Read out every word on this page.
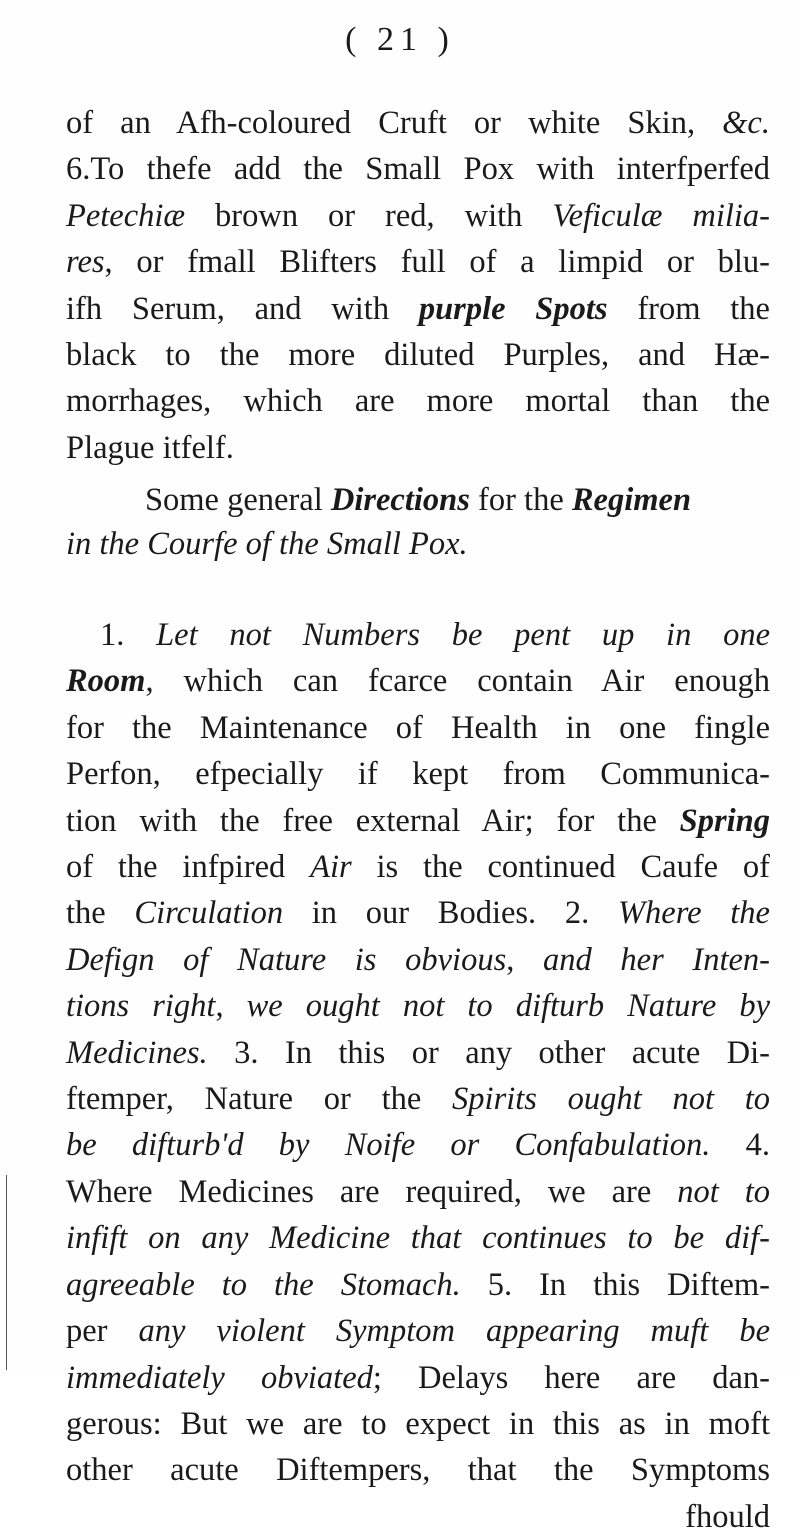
( 21 )
of an Afh-coloured Cruft or white Skin, &c.
6.To thefe add the Small Pox with interfperfed
Petechiæ brown or red, with Veficulæ milia-
res, or fmall Blifters full of a limpid or blu-
ifh Serum, and with purple Spots from the
black to the more diluted Purples, and Hæ-
morrhages, which are more mortal than the
Plague itfelf.
Some general Directions for the Regimen
in the Courfe of the Small Pox.
1. Let not Numbers be pent up in one
Room, which can fcarce contain Air enough
for the Maintenance of Health in one fingle
Perfon, efpecially if kept from Communica-
tion with the free external Air; for the Spring
of the infpired Air is the continued Caufe of
the Circulation in our Bodies. 2. Where the
Defign of Nature is obvious, and her Inten-
tions right, we ought not to difturb Nature by
Medicines. 3. In this or any other acute Di-
ftemper, Nature or the Spirits ought not to
be difturb'd by Noife or Confabulation. 4.
Where Medicines are required, we are not to
infift on any Medicine that continues to be dif-
agreeable to the Stomach. 5. In this Diftem-
per any violent Symptom appearing muft be
immediately obviated; Delays here are dan-
gerous: But we are to expect in this as in moft
other acute Diftempers, that the Symptoms
fhould
